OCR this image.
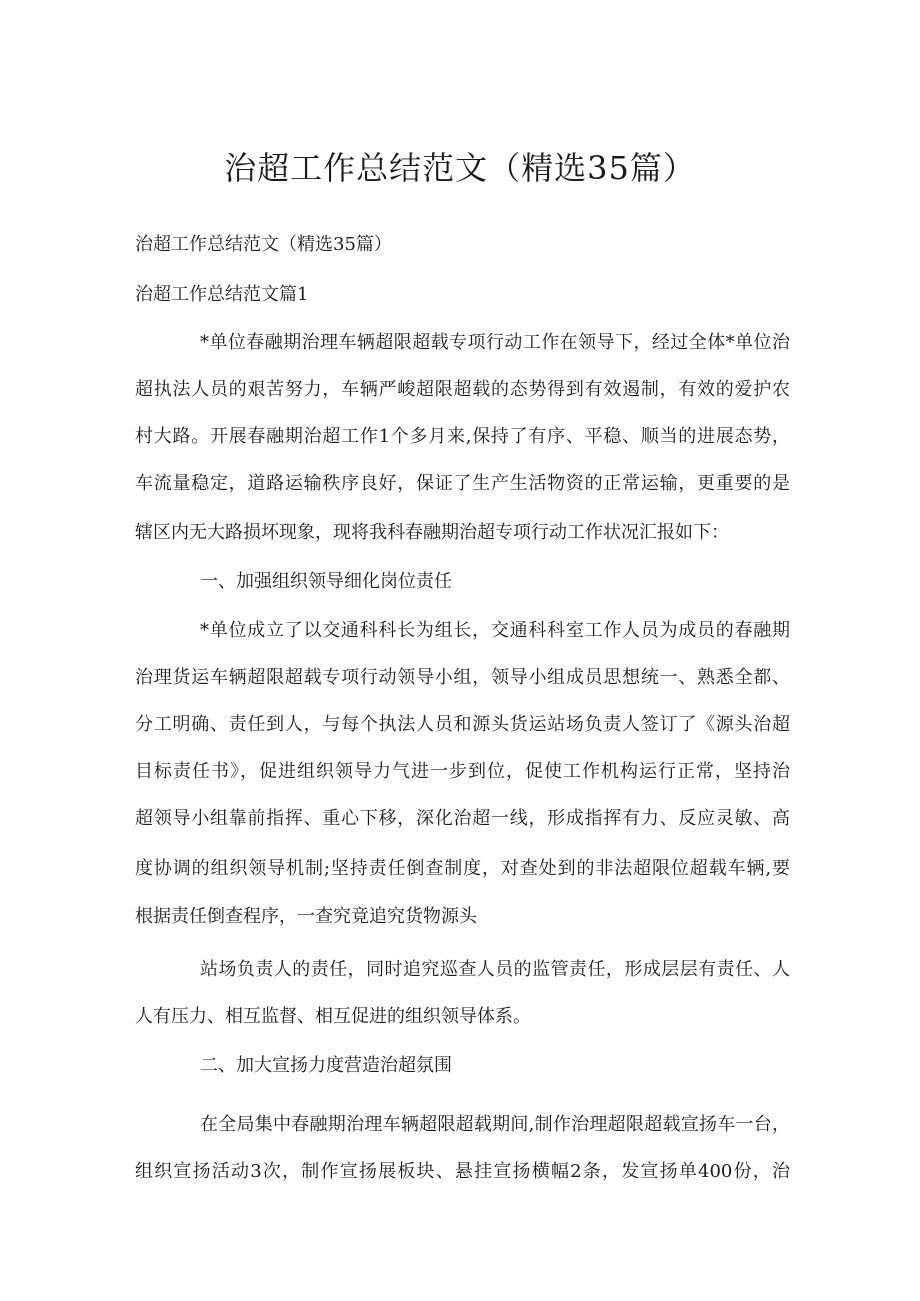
治超工作总结范文（精选35篇）

治超工作总结范文（精选35篇）

治超工作总结范文篇1

*单位春融期治理车辆超限超载专项行动工作在领导下，经过全体*单位治

超执法人员的艰苦努力，车辆严峻超限超载的态势得到有效遏制，有效的爱护农

村大路。开展春融期治超工作1个多月来,保持了有序、平稳、顺当的进展态势，

车流量稳定，道路运输秩序良好，保证了生产生活物资的正常运输，更重要的是

辖区内无大路损坏现象，现将我科春融期治超专项行动工作状况汇报如下：

一、加强组织领导细化岗位责任

*单位成立了以交通科科长为组长，交通科科室工作人员为成员的春融期

治理货运车辆超限超载专项行动领导小组，领导小组成员思想统一、熟悉全都、

分工明确、责任到人，与每个执法人员和源头货运站场负责人签订了《源头治超

目标责任书》，促进组织领导力气进一步到位，促使工作机构运行正常，坚持治

超领导小组靠前指挥、重心下移，深化治超一线，形成指挥有力、反应灵敏、高

度协调的组织领导机制;坚持责任倒查制度，对查处到的非法超限位超载车辆,要

根据责任倒查程序，一查究竟追究货物源头

站场负责人的责任，同时追究巡查人员的监管责任，形成层层有责任、人

人有压力、相互监督、相互促进的组织领导体系。

二、加大宣扬力度营造治超氛围

在全局集中春融期治理车辆超限超载期间,制作治理超限超载宣扬车一台，

组织宣扬活动3次，制作宣扬展板块、悬挂宣扬横幅2条，发宣扬单400份，治
